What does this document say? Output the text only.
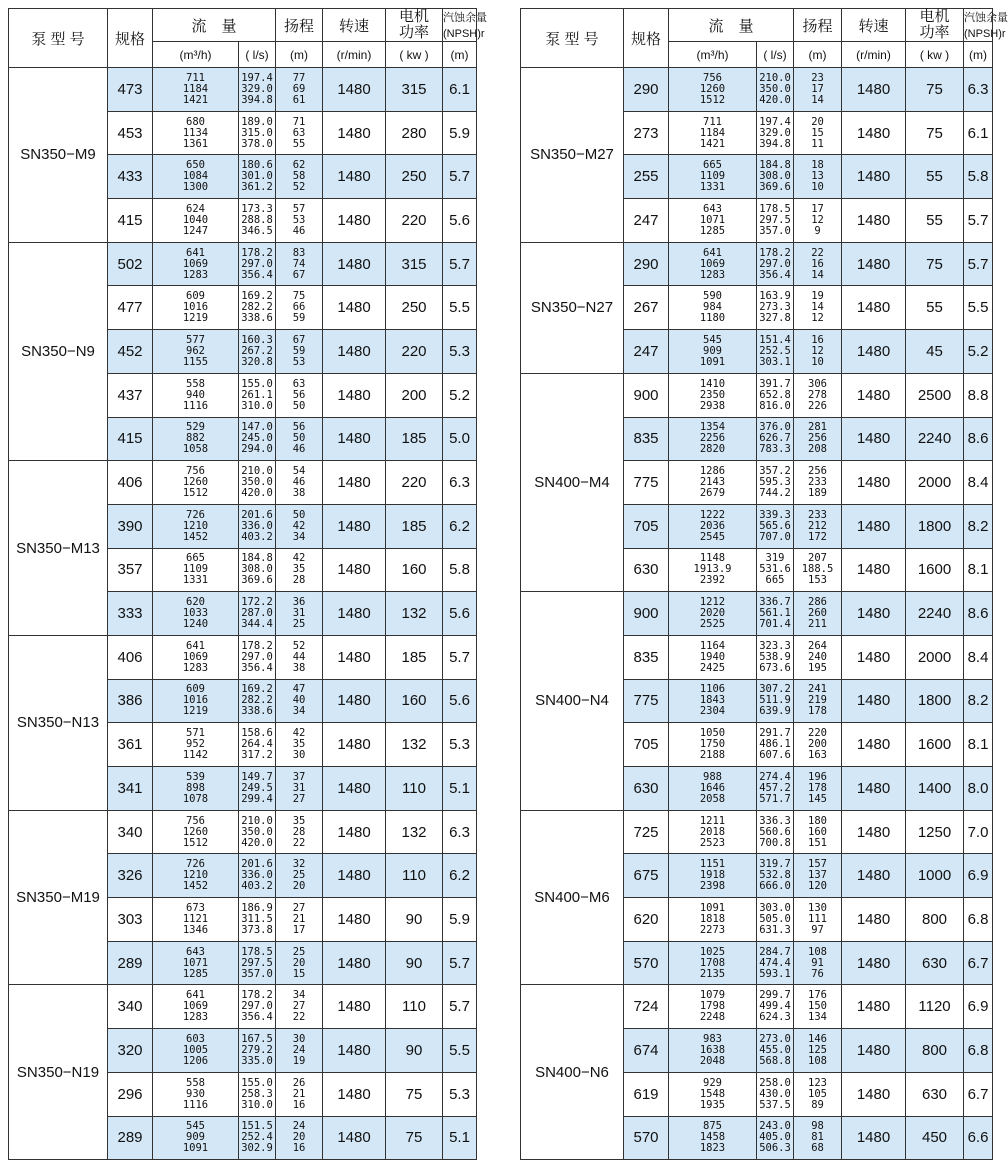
泵 型 号	规格	流　量		扬程	转速	电机
功率	汽蚀余量
(NPSH)r	
		(m³/h)	( l/s)	(m)	(r/min)	( kw )	(m)	
SN350−M9	473	711
1184
1421	197.4
329.0
394.8	77
69
61	1480	315	6.1	
	453	680
1134
1361	189.0
315.0
378.0	71
63
55	1480	280	5.9	
	433	650
1084
1300	180.6
301.0
361.2	62
58
52	1480	250	5.7	
	415	624
1040
1247	173.3
288.8
346.5	57
53
46	1480	220	5.6	
SN350−N9	502	641
1069
1283	178.2
297.0
356.4	83
74
67	1480	315	5.7	
	477	609
1016
1219	169.2
282.2
338.6	75
66
59	1480	250	5.5	
	452	577
962
1155	160.3
267.2
320.8	67
59
53	1480	220	5.3	
	437	558
940
1116	155.0
261.1
310.0	63
56
50	1480	200	5.2	
	415	529
882
1058	147.0
245.0
294.0	56
50
46	1480	185	5.0	
SN350−M13	406	756
1260
1512	210.0
350.0
420.0	54
46
38	1480	220	6.3	
	390	726
1210
1452	201.6
336.0
403.2	50
42
34	1480	185	6.2	
	357	665
1109
1331	184.8
308.0
369.6	42
35
28	1480	160	5.8	
	333	620
1033
1240	172.2
287.0
344.4	36
31
25	1480	132	5.6	
SN350−N13	406	641
1069
1283	178.2
297.0
356.4	52
44
38	1480	185	5.7	
	386	609
1016
1219	169.2
282.2
338.6	47
40
34	1480	160	5.6	
	361	571
952
1142	158.6
264.4
317.2	42
35
30	1480	132	5.3	
	341	539
898
1078	149.7
249.5
299.4	37
31
27	1480	110	5.1	
SN350−M19	340	756
1260
1512	210.0
350.0
420.0	35
28
22	1480	132	6.3	
	326	726
1210
1452	201.6
336.0
403.2	32
25
20	1480	110	6.2	
	303	673
1121
1346	186.9
311.5
373.8	27
21
17	1480	90	5.9	
	289	643
1071
1285	178.5
297.5
357.0	25
20
15	1480	90	5.7	
SN350−N19	340	641
1069
1283	178.2
297.0
356.4	34
27
22	1480	110	5.7	
	320	603
1005
1206	167.5
279.2
335.0	30
24
19	1480	90	5.5	
	296	558
930
1116	155.0
258.3
310.0	26
21
16	1480	75	5.3	
	289	545
909
1091	151.5
252.4
302.9	24
20
16	1480	75	5.1	
泵 型 号	规格	流　量		扬程	转速	电机
功率	汽蚀余量
(NPSH)r	
		(m³/h)	( l/s)	(m)	(r/min)	( kw )	(m)	
SN350−M27	290	756
1260
1512	210.0
350.0
420.0	23
17
14	1480	75	6.3	
	273	711
1184
1421	197.4
329.0
394.8	20
15
11	1480	75	6.1	
	255	665
1109
1331	184.8
308.0
369.6	18
13
10	1480	55	5.8	
	247	643
1071
1285	178.5
297.5
357.0	17
12
9	1480	55	5.7	
SN350−N27	290	641
1069
1283	178.2
297.0
356.4	22
16
14	1480	75	5.7	
	267	590
984
1180	163.9
273.3
327.8	19
14
12	1480	55	5.5	
	247	545
909
1091	151.4
252.5
303.1	16
12
10	1480	45	5.2	
SN400−M4	900	1410
2350
2938	391.7
652.8
816.0	306
278
226	1480	2500	8.8	
	835	1354
2256
2820	376.0
626.7
783.3	281
256
208	1480	2240	8.6	
	775	1286
2143
2679	357.2
595.3
744.2	256
233
189	1480	2000	8.4	
	705	1222
2036
2545	339.3
565.6
707.0	233
212
172	1480	1800	8.2	
	630	1148
1913.9
2392	319
531.6
665	207
188.5
153	1480	1600	8.1	
SN400−N4	900	1212
2020
2525	336.7
561.1
701.4	286
260
211	1480	2240	8.6	
	835	1164
1940
2425	323.3
538.9
673.6	264
240
195	1480	2000	8.4	
	775	1106
1843
2304	307.2
511.9
639.9	241
219
178	1480	1800	8.2	
	705	1050
1750
2188	291.7
486.1
607.6	220
200
163	1480	1600	8.1	
	630	988
1646
2058	274.4
457.2
571.7	196
178
145	1480	1400	8.0	
SN400−M6	725	1211
2018
2523	336.3
560.6
700.8	180
160
151	1480	1250	7.0	
	675	1151
1918
2398	319.7
532.8
666.0	157
137
120	1480	1000	6.9	
	620	1091
1818
2273	303.0
505.0
631.3	130
111
97	1480	800	6.8	
	570	1025
1708
2135	284.7
474.4
593.1	108
91
76	1480	630	6.7	
SN400−N6	724	1079
1798
2248	299.7
499.4
624.3	176
150
134	1480	1120	6.9	
	674	983
1638
2048	273.0
455.0
568.8	146
125
108	1480	800	6.8	
	619	929
1548
1935	258.0
430.0
537.5	123
105
89	1480	630	6.7	
	570	875
1458
1823	243.0
405.0
506.3	98
81
68	1480	450	6.6	
